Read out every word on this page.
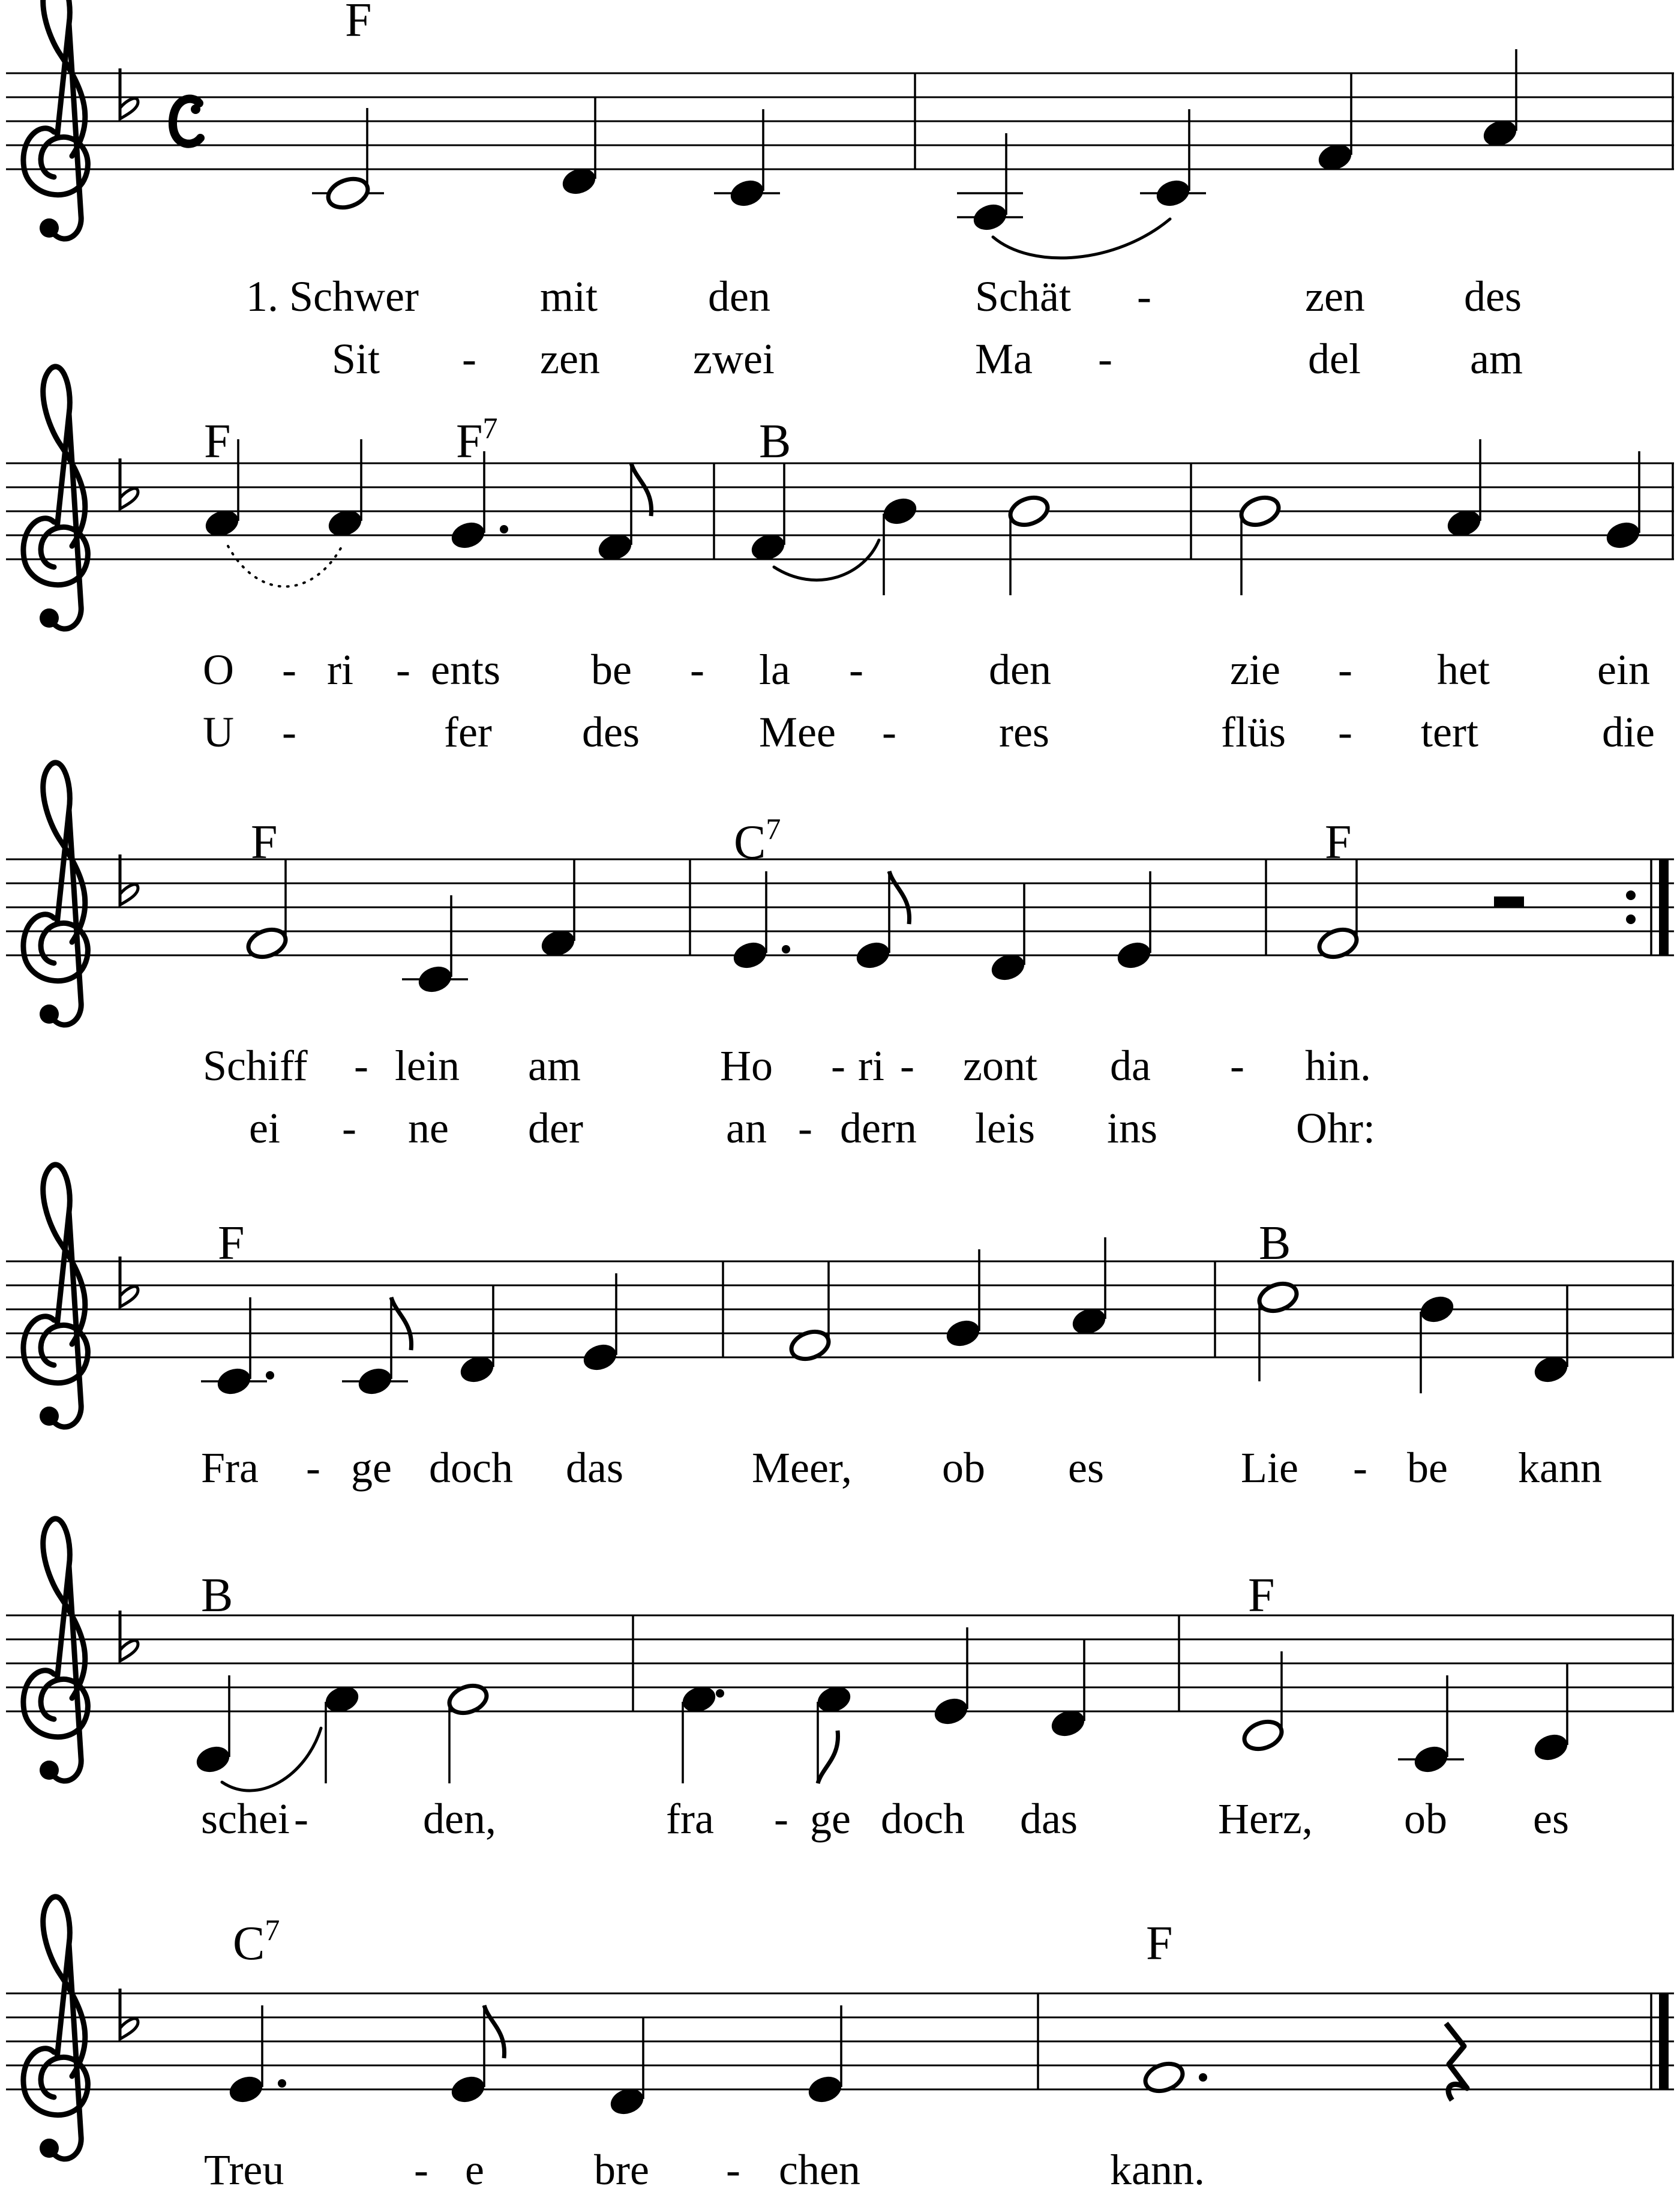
F
F	$F^7$	B
F	$C^7$	F
F	B
B	F
$C^7$	F
1. Schwer	mit	den	Schät -	zen des
Sit - zen zwei	Ma -	del	am
O - ri - ents be - la -	den	zie - het ein
U -	fer des	Mee - res	flüs - tert	die
Schiff - lein am	Ho - ri - zont da - hin.
ei - ne der	an - dern leis ins	Ohr:
Fra - ge doch das	Meer, ob es	Lie - be kann
schei -	den,	fra - ge doch das	Herz, ob es
Treu	- e	bre - chen	kann.
